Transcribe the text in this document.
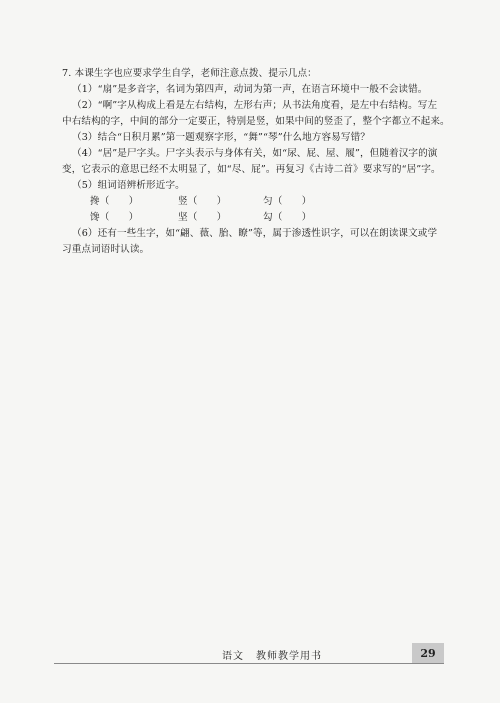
7. 本课生字也应要求学生自学，老师注意点拨、提示几点：
（1）“扇”是多音字，名词为第四声，动词为第一声，在语言环境中一般不会读错。
（2）“啊”字从构成上看是左右结构，左形右声；从书法角度看，是左中右结构。写左
中右结构的字，中间的部分一定要正，特别是竖，如果中间的竖歪了，整个字都立不起来。
（3）结合“日积月累”第一题观察字形，“舞”“琴”什么地方容易写错？
（4）“居”是尸字头。尸字头表示与身体有关，如“尿、屁、屋、履”，但随着汉字的演
变，它表示的意思已经不太明显了，如“尽、屁”。再复习《古诗二首》要求写的“居”字。
（5）组词语辨析形近字。
搀（　　）	竖（　　）	匀（　　）
馋（　　）	坚（　　）	勾（　　）
（6）还有一些生字，如“翩、薇、胎、瞭”等，属于渗透性识字，可以在朗读课文或学
习重点词语时认读。
语文 教师教学用书	29
